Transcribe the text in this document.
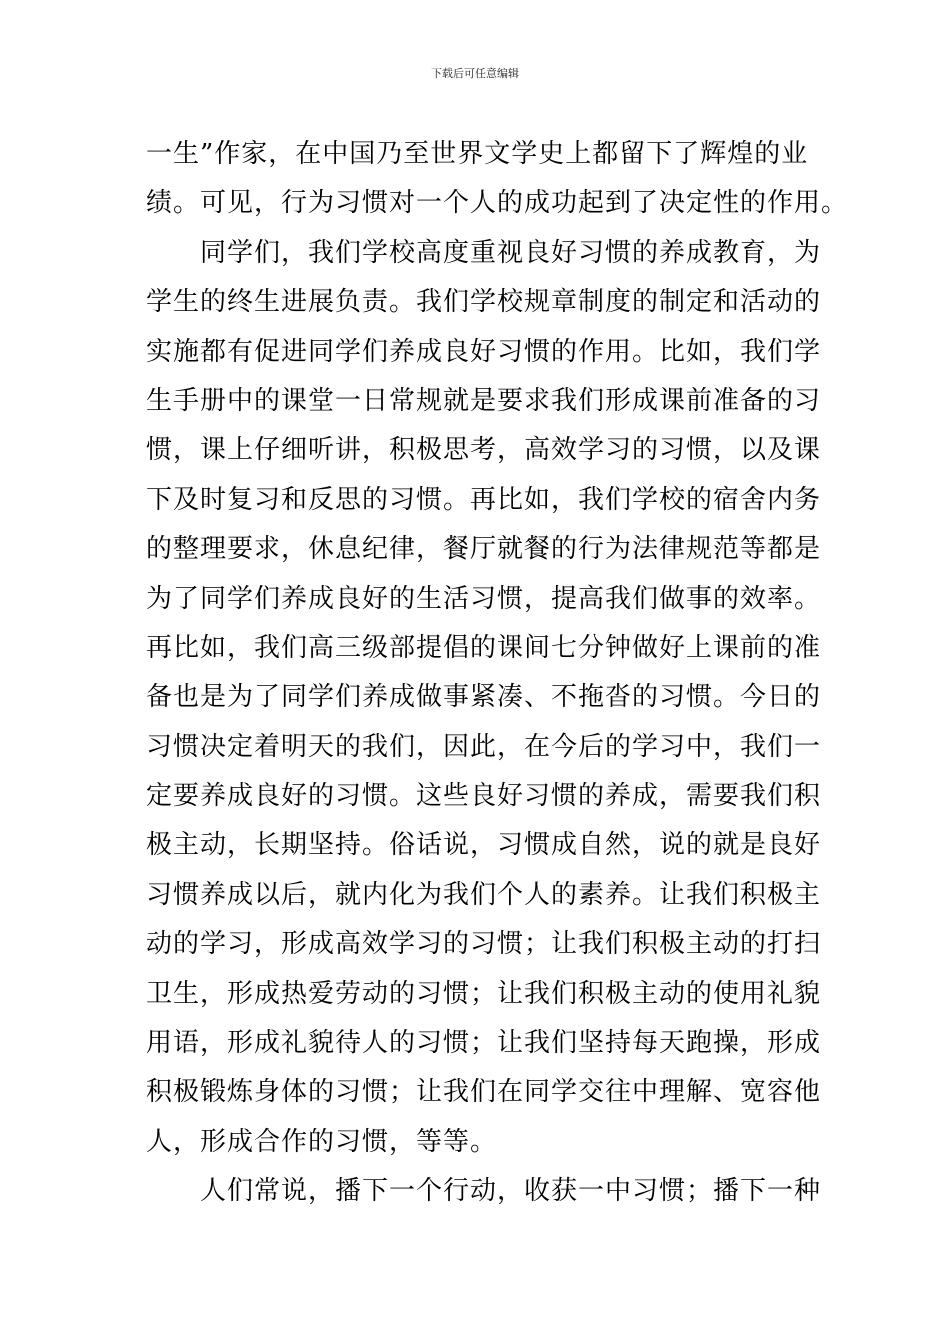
下载后可任意编辑
一生”作家，在中国乃至世界文学史上都留下了辉煌的业
绩。可见，行为习惯对一个人的成功起到了决定性的作用。
同学们，我们学校高度重视良好习惯的养成教育，为
学生的终生进展负责。我们学校规章制度的制定和活动的
实施都有促进同学们养成良好习惯的作用。比如，我们学
生手册中的课堂一日常规就是要求我们形成课前准备的习
惯，课上仔细听讲，积极思考，高效学习的习惯，以及课
下及时复习和反思的习惯。再比如，我们学校的宿舍内务
的整理要求，休息纪律，餐厅就餐的行为法律规范等都是
为了同学们养成良好的生活习惯，提高我们做事的效率。
再比如，我们高三级部提倡的课间七分钟做好上课前的准
备也是为了同学们养成做事紧凑、不拖沓的习惯。今日的
习惯决定着明天的我们，因此，在今后的学习中，我们一
定要养成良好的习惯。这些良好习惯的养成，需要我们积
极主动，长期坚持。俗话说，习惯成自然，说的就是良好
习惯养成以后，就内化为我们个人的素养。让我们积极主
动的学习，形成高效学习的习惯；让我们积极主动的打扫
卫生，形成热爱劳动的习惯；让我们积极主动的使用礼貌
用语，形成礼貌待人的习惯；让我们坚持每天跑操，形成
积极锻炼身体的习惯；让我们在同学交往中理解、宽容他
人，形成合作的习惯，等等。
人们常说，播下一个行动，收获一中习惯；播下一种
